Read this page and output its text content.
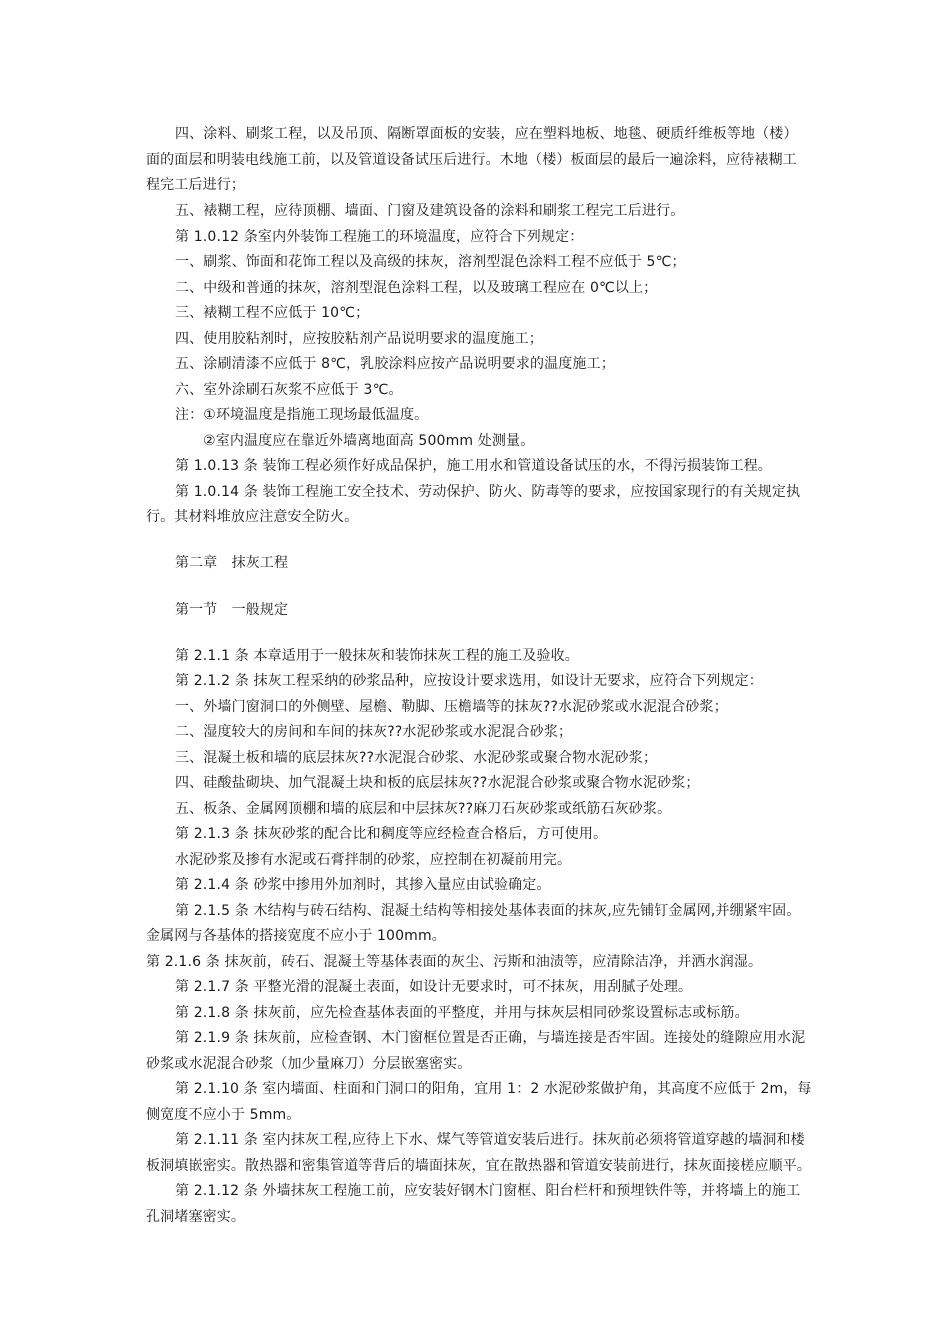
四、涂料、刷浆工程，以及吊顶、隔断罩面板的安装，应在塑料地板、地毯、硬质纤维板等地（楼）
面的面层和明装电线施工前，以及管道设备试压后进行。木地（楼）板面层的最后一遍涂料，应待裱糊工
程完工后进行；
五、裱糊工程，应待顶棚、墙面、门窗及建筑设备的涂料和刷浆工程完工后进行。
第 1.0.12 条室内外装饰工程施工的环境温度，应符合下列规定：
一、刷浆、饰面和花饰工程以及高级的抹灰，溶剂型混色涂料工程不应低于 5℃；
二、中级和普通的抹灰，溶剂型混色涂料工程，以及玻璃工程应在 0℃以上；
三、裱糊工程不应低于 10℃；
四、使用胶粘剂时，应按胶粘剂产品说明要求的温度施工；
五、涂刷清漆不应低于 8℃，乳胶涂料应按产品说明要求的温度施工；
六、室外涂刷石灰浆不应低于 3℃。
注：①环境温度是指施工现场最低温度。
②室内温度应在靠近外墙离地面高 500mm 处测量。
第 1.0.13 条 装饰工程必须作好成品保护，施工用水和管道设备试压的水，不得污损装饰工程。
第 1.0.14 条 装饰工程施工安全技术、劳动保护、防火、防毒等的要求，应按国家现行的有关规定执
行。其材料堆放应注意安全防火。
第二章　抹灰工程
第一节　一般规定
第 2.1.1 条 本章适用于一般抹灰和装饰抹灰工程的施工及验收。
第 2.1.2 条 抹灰工程采纳的砂浆品种，应按设计要求选用，如设计无要求，应符合下列规定：
一、外墙门窗洞口的外侧壁、屋檐、勒脚、压檐墙等的抹灰??水泥砂浆或水泥混合砂浆；
二、湿度较大的房间和车间的抹灰??水泥砂浆或水泥混合砂浆；
三、混凝土板和墙的底层抹灰??水泥混合砂浆、水泥砂浆或聚合物水泥砂浆；
四、硅酸盐砌块、加气混凝土块和板的底层抹灰??水泥混合砂浆或聚合物水泥砂浆；
五、板条、金属网顶棚和墙的底层和中层抹灰??麻刀石灰砂浆或纸筋石灰砂浆。
第 2.1.3 条 抹灰砂浆的配合比和稠度等应经检查合格后，方可使用。
水泥砂浆及掺有水泥或石膏拌制的砂浆，应控制在初凝前用完。
第 2.1.4 条 砂浆中掺用外加剂时，其掺入量应由试验确定。
第 2.1.5 条 木结构与砖石结构、混凝土结构等相接处基体表面的抹灰,应先铺钉金属网,并绷紧牢固。
金属网与各基体的搭接宽度不应小于 100mm。
第 2.1.6 条 抹灰前，砖石、混凝土等基体表面的灰尘、污斯和油渍等，应清除洁净，并洒水润湿。
第 2.1.7 条 平整光滑的混凝土表面，如设计无要求时，可不抹灰，用刮腻子处理。
第 2.1.8 条 抹灰前，应先检查基体表面的平整度，并用与抹灰层相同砂浆设置标志或标筋。
第 2.1.9 条 抹灰前，应检查钢、木门窗框位置是否正确，与墙连接是否牢固。连接处的缝隙应用水泥
砂浆或水泥混合砂浆（加少量麻刀）分层嵌塞密实。
第 2.1.10 条 室内墙面、柱面和门洞口的阳角，宜用 1：2 水泥砂浆做护角，其高度不应低于 2m，每
侧宽度不应小于 5mm。
第 2.1.11 条 室内抹灰工程,应待上下水、煤气等管道安装后进行。抹灰前必须将管道穿越的墙洞和楼
板洞填嵌密实。散热器和密集管道等背后的墙面抹灰，宜在散热器和管道安装前进行，抹灰面接槎应顺平。
第 2.1.12 条 外墙抹灰工程施工前，应安装好钢木门窗框、阳台栏杆和预埋铁件等，并将墙上的施工
孔洞堵塞密实。
